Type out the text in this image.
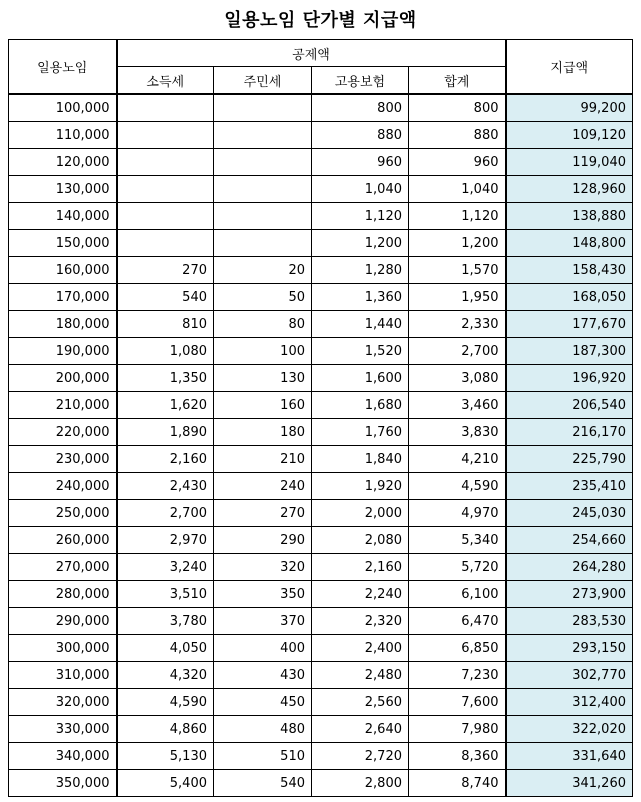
일용노임 단가별 지급액
일용노임	공제액				지급액
	소득세	주민세	고용보험	합계	
100,000			800	800	99,200
110,000			880	880	109,120
120,000			960	960	119,040
130,000			1,040	1,040	128,960
140,000			1,120	1,120	138,880
150,000			1,200	1,200	148,800
160,000	270	20	1,280	1,570	158,430
170,000	540	50	1,360	1,950	168,050
180,000	810	80	1,440	2,330	177,670
190,000	1,080	100	1,520	2,700	187,300
200,000	1,350	130	1,600	3,080	196,920
210,000	1,620	160	1,680	3,460	206,540
220,000	1,890	180	1,760	3,830	216,170
230,000	2,160	210	1,840	4,210	225,790
240,000	2,430	240	1,920	4,590	235,410
250,000	2,700	270	2,000	4,970	245,030
260,000	2,970	290	2,080	5,340	254,660
270,000	3,240	320	2,160	5,720	264,280
280,000	3,510	350	2,240	6,100	273,900
290,000	3,780	370	2,320	6,470	283,530
300,000	4,050	400	2,400	6,850	293,150
310,000	4,320	430	2,480	7,230	302,770
320,000	4,590	450	2,560	7,600	312,400
330,000	4,860	480	2,640	7,980	322,020
340,000	5,130	510	2,720	8,360	331,640
350,000	5,400	540	2,800	8,740	341,260
